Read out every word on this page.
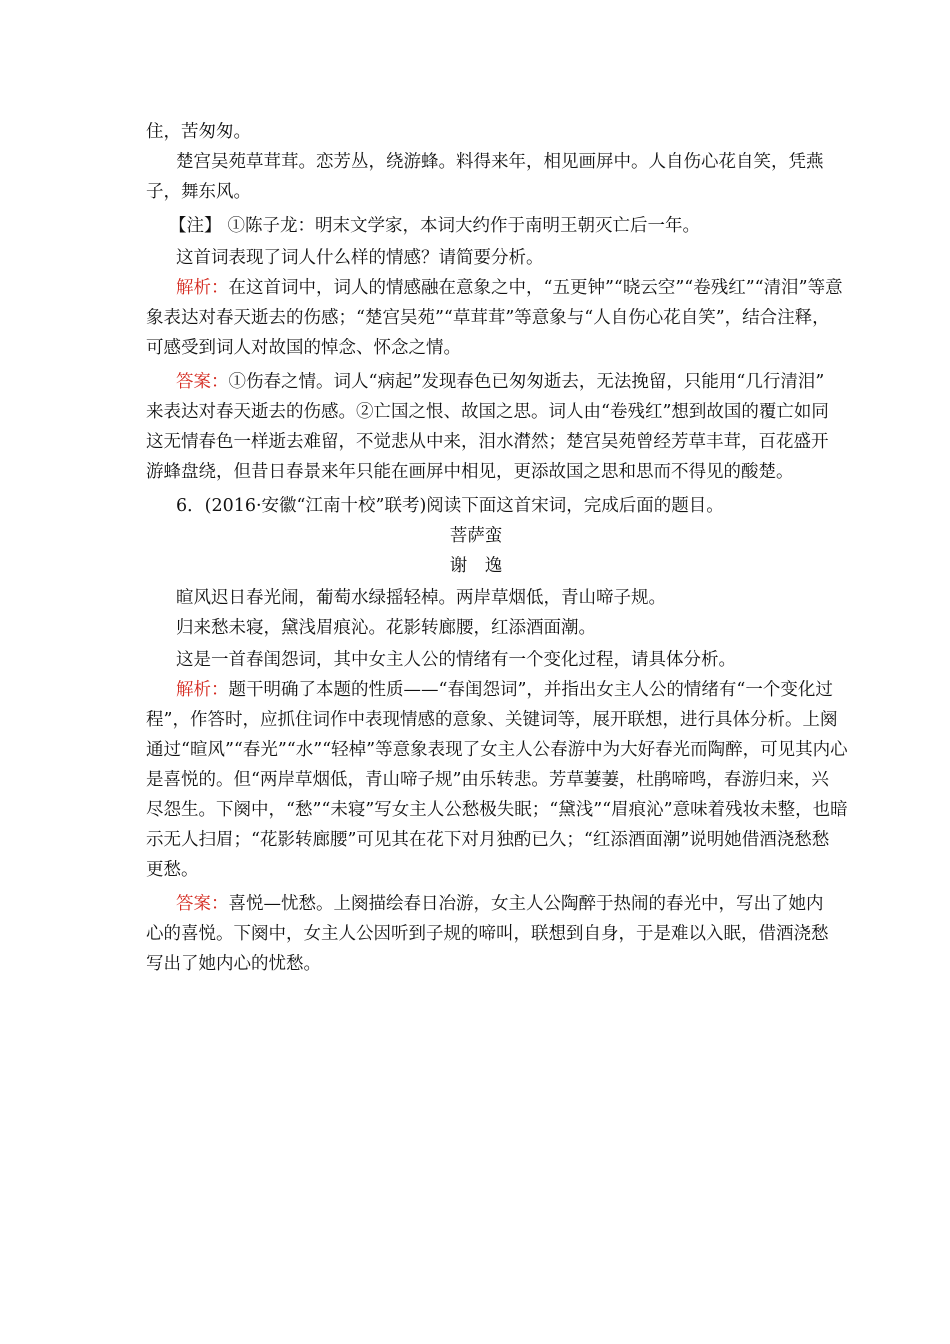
住，苦匆匆。
楚宫吴苑草茸茸。恋芳丛，绕游蜂。料得来年，相见画屏中。人自伤心花自笑，凭燕
子，舞东风。
【注】 ①陈子龙：明末文学家，本词大约作于南明王朝灭亡后一年。
这首词表现了词人什么样的情感？请简要分析。
解析：在这首词中，词人的情感融在意象之中，“五更钟”“晓云空”“卷残红”“清泪”等意
象表达对春天逝去的伤感；“楚宫吴苑”“草茸茸”等意象与“人自伤心花自笑”，结合注释，
可感受到词人对故国的悼念、怀念之情。
答案：①伤春之情。词人“病起”发现春色已匆匆逝去，无法挽留，只能用“几行清泪”
来表达对春天逝去的伤感。②亡国之恨、故国之思。词人由“卷残红”想到故国的覆亡如同
这无情春色一样逝去难留，不觉悲从中来，泪水潸然；楚宫吴苑曾经芳草丰茸，百花盛开
游蜂盘绕，但昔日春景来年只能在画屏中相见，更添故国之思和思而不得见的酸楚。
6．(2016·安徽“江南十校”联考)阅读下面这首宋词，完成后面的题目。
菩萨蛮
谢　逸
暄风迟日春光闹，葡萄水绿摇轻棹。两岸草烟低，青山啼子规。
归来愁未寝，黛浅眉痕沁。花影转廊腰，红添酒面潮。
这是一首春闺怨词，其中女主人公的情绪有一个变化过程，请具体分析。
解析：题干明确了本题的性质——“春闺怨词”，并指出女主人公的情绪有“一个变化过
程”，作答时，应抓住词作中表现情感的意象、关键词等，展开联想，进行具体分析。上阕
通过“暄风”“春光”“水”“轻棹”等意象表现了女主人公春游中为大好春光而陶醉，可见其内心
是喜悦的。但“两岸草烟低，青山啼子规”由乐转悲。芳草萋萋，杜鹃啼鸣，春游归来，兴
尽怨生。下阕中，“愁”“未寝”写女主人公愁极失眠；“黛浅”“眉痕沁”意味着残妆未整，也暗
示无人扫眉；“花影转廊腰”可见其在花下对月独酌已久；“红添酒面潮”说明她借酒浇愁愁
更愁。
答案：喜悦—忧愁。上阕描绘春日冶游，女主人公陶醉于热闹的春光中，写出了她内
心的喜悦。下阕中，女主人公因听到子规的啼叫，联想到自身，于是难以入眠，借酒浇愁
写出了她内心的忧愁。
